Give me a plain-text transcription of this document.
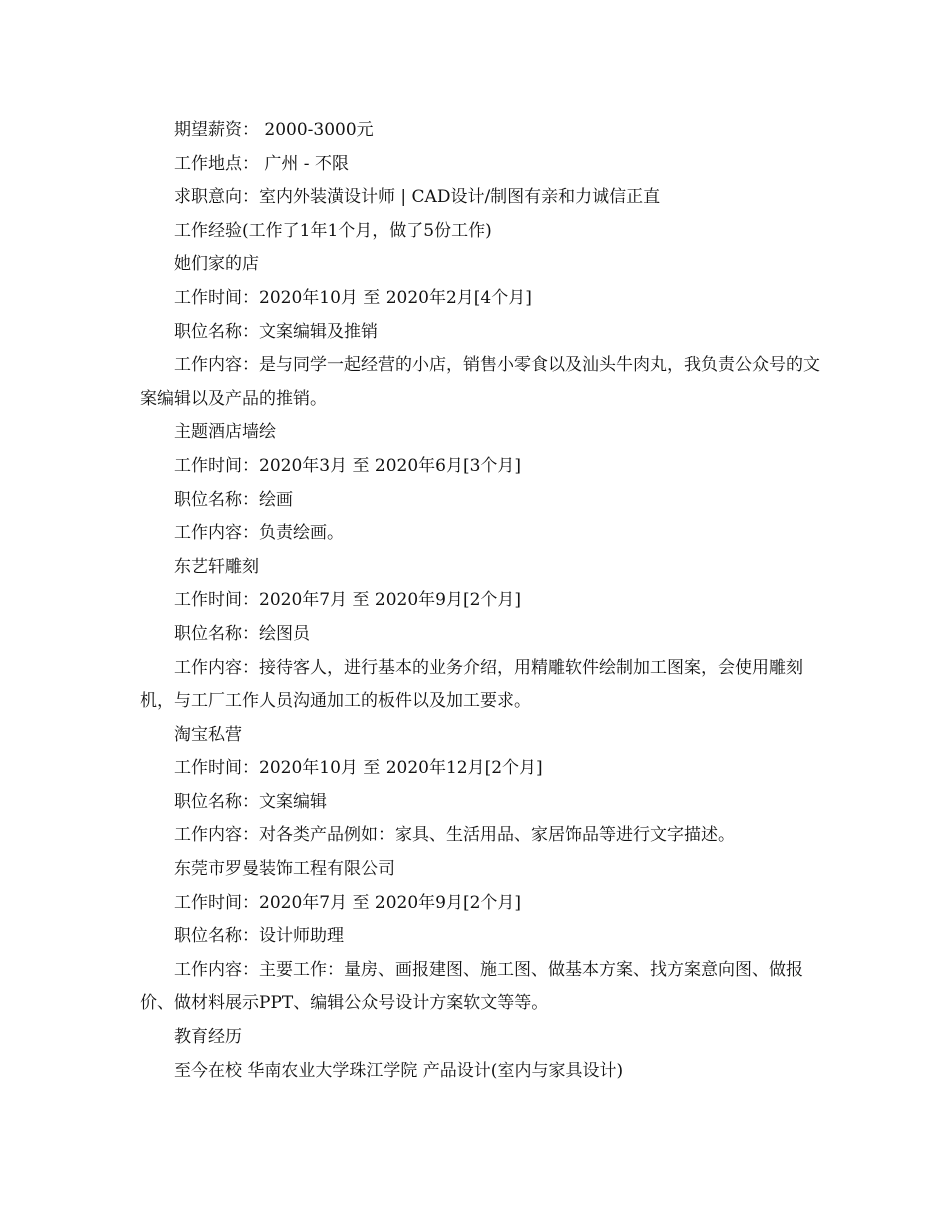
期望薪资： 2000-3000元
工作地点： 广州 - 不限
求职意向：室内外装潢设计师 | CAD设计/制图有亲和力诚信正直
工作经验(工作了1年1个月，做了5份工作)
她们家的店
工作时间：2020年10月 至 2020年2月[4个月]
职位名称：文案编辑及推销
工作内容：是与同学一起经营的小店，销售小零食以及汕头牛肉丸，我负责公众号的文案编辑以及产品的推销。
主题酒店墙绘
工作时间：2020年3月 至 2020年6月[3个月]
职位名称：绘画
工作内容：负责绘画。
东艺轩雕刻
工作时间：2020年7月 至 2020年9月[2个月]
职位名称：绘图员
工作内容：接待客人，进行基本的业务介绍，用精雕软件绘制加工图案，会使用雕刻机，与工厂工作人员沟通加工的板件以及加工要求。
淘宝私营
工作时间：2020年10月 至 2020年12月[2个月]
职位名称：文案编辑
工作内容：对各类产品例如：家具、生活用品、家居饰品等进行文字描述。
东莞市罗曼装饰工程有限公司
工作时间：2020年7月 至 2020年9月[2个月]
职位名称：设计师助理
工作内容：主要工作：量房、画报建图、施工图、做基本方案、找方案意向图、做报价、做材料展示PPT、编辑公众号设计方案软文等等。
教育经历
至今在校 华南农业大学珠江学院 产品设计(室内与家具设计)
